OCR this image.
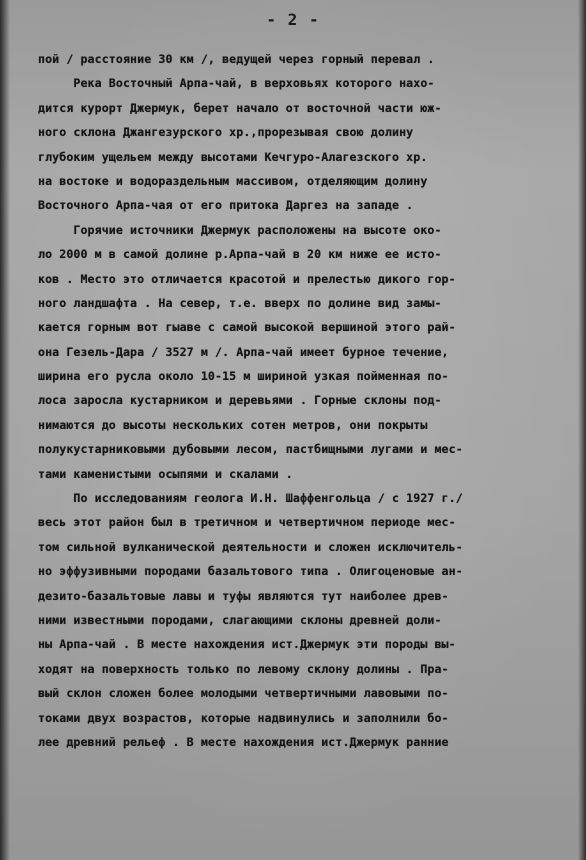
- 2 -
пой / расстояние 30 км /, ведущей через горный перевал .
Река Восточный Арпа-чай, в верховьях которого нахо-
дится курорт Джермук, берет начало от восточной части юж-
ного склона Джангезурского хр.,прорезывая свою долину
глубоким ущельем между высотами Кечгуро-Алагезского хр.
на востоке и водораздельным массивом, отделяющим долину
Восточного Арпа-чая от его притока Даргез на западе .
Горячие источники Джермук расположены на высоте око-
ло 2000 м в самой долине р.Арпа-чай в 20 км ниже ее исто-
ков . Место это отличается красотой и прелестью дикого гор-
ного ландшафта . На север, т.е. вверх по долине вид замы-
кается горным вот гыаве с самой высокой вершиной этого рай-
она Гезель-Дара / 3527 м /. Арпа-чай имеет бурное течение,
ширина его русла около 10-15 м шириной узкая пойменная по-
лоса заросла кустарником и деревьями . Горные склоны под-
нимаются до высоты нескольких сотен метров, они покрыты
полукустарниковыми дубовыми лесом, пастбищными лугами и мес-
тами каменистыми осыпями и скалами .
По исследованиям геолога И.Н. Шаффенгольца / с 1927 г./
весь этот район был в третичном и четвертичном периоде мес-
том сильной вулканической деятельности и сложен исключитель-
но эффузивными породами базальтового типа . Олигоценовые ан-
дезито-базальтовые лавы и туфы являются тут наиболее древ-
ними известными породами, слагающими склоны древней доли-
ны Арпа-чай . В месте нахождения ист.Джермук эти породы вы-
ходят на поверхность только по левому склону долины . Пра-
вый склон сложен более молодыми четвертичными лавовыми по-
токами двух возрастов, которые надвинулись и заполнили бо-
лее древний рельеф . В месте нахождения ист.Джермук ранние
